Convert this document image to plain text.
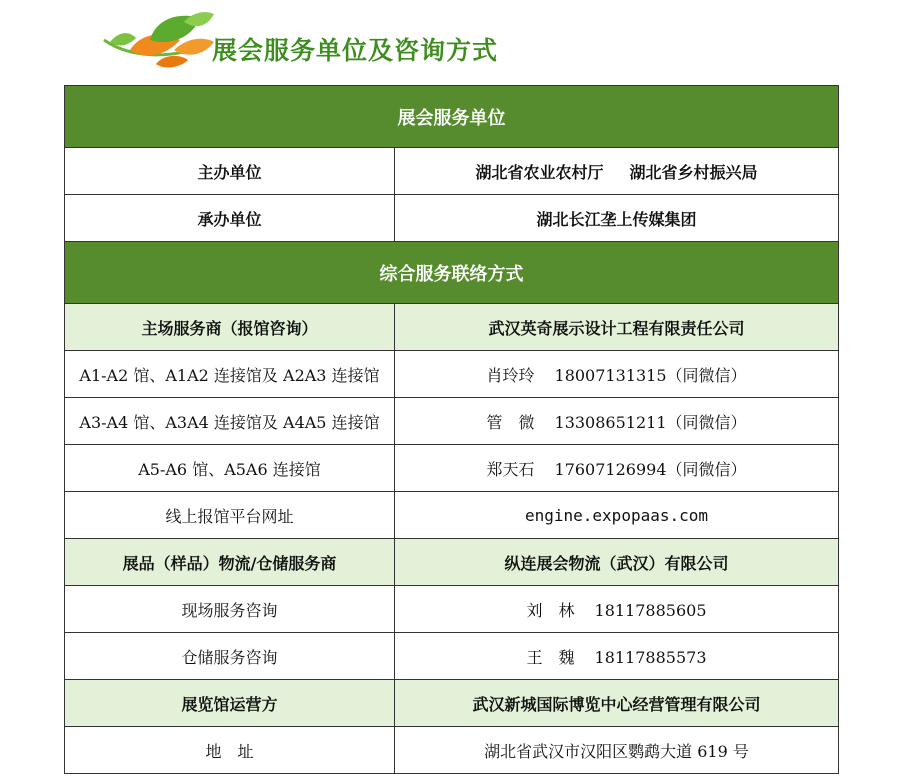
展会服务单位及咨询方式
展会服务单位	
主办单位	湖北省农业农村厅 湖北省乡村振兴局
承办单位	湖北长江垄上传媒集团
综合服务联络方式	
主场服务商（报馆咨询）	武汉英奇展示设计工程有限责任公司
A1-A2 馆、A1A2 连接馆及 A2A3 连接馆	肖玲玲 18007131315（同微信）
A3-A4 馆、A3A4 连接馆及 A4A5 连接馆	管　微 13308651211（同微信）
A5-A6 馆、A5A6 连接馆	郑天石 17607126994（同微信）
线上报馆平台网址	engine.expopaas.com
展品（样品）物流/仓储服务商	纵连展会物流（武汉）有限公司
现场服务咨询	刘　林 18117885605
仓储服务咨询	王　魏 18117885573
展览馆运营方	武汉新城国际博览中心经营管理有限公司
地　址	湖北省武汉市汉阳区鹦鹉大道 619 号
